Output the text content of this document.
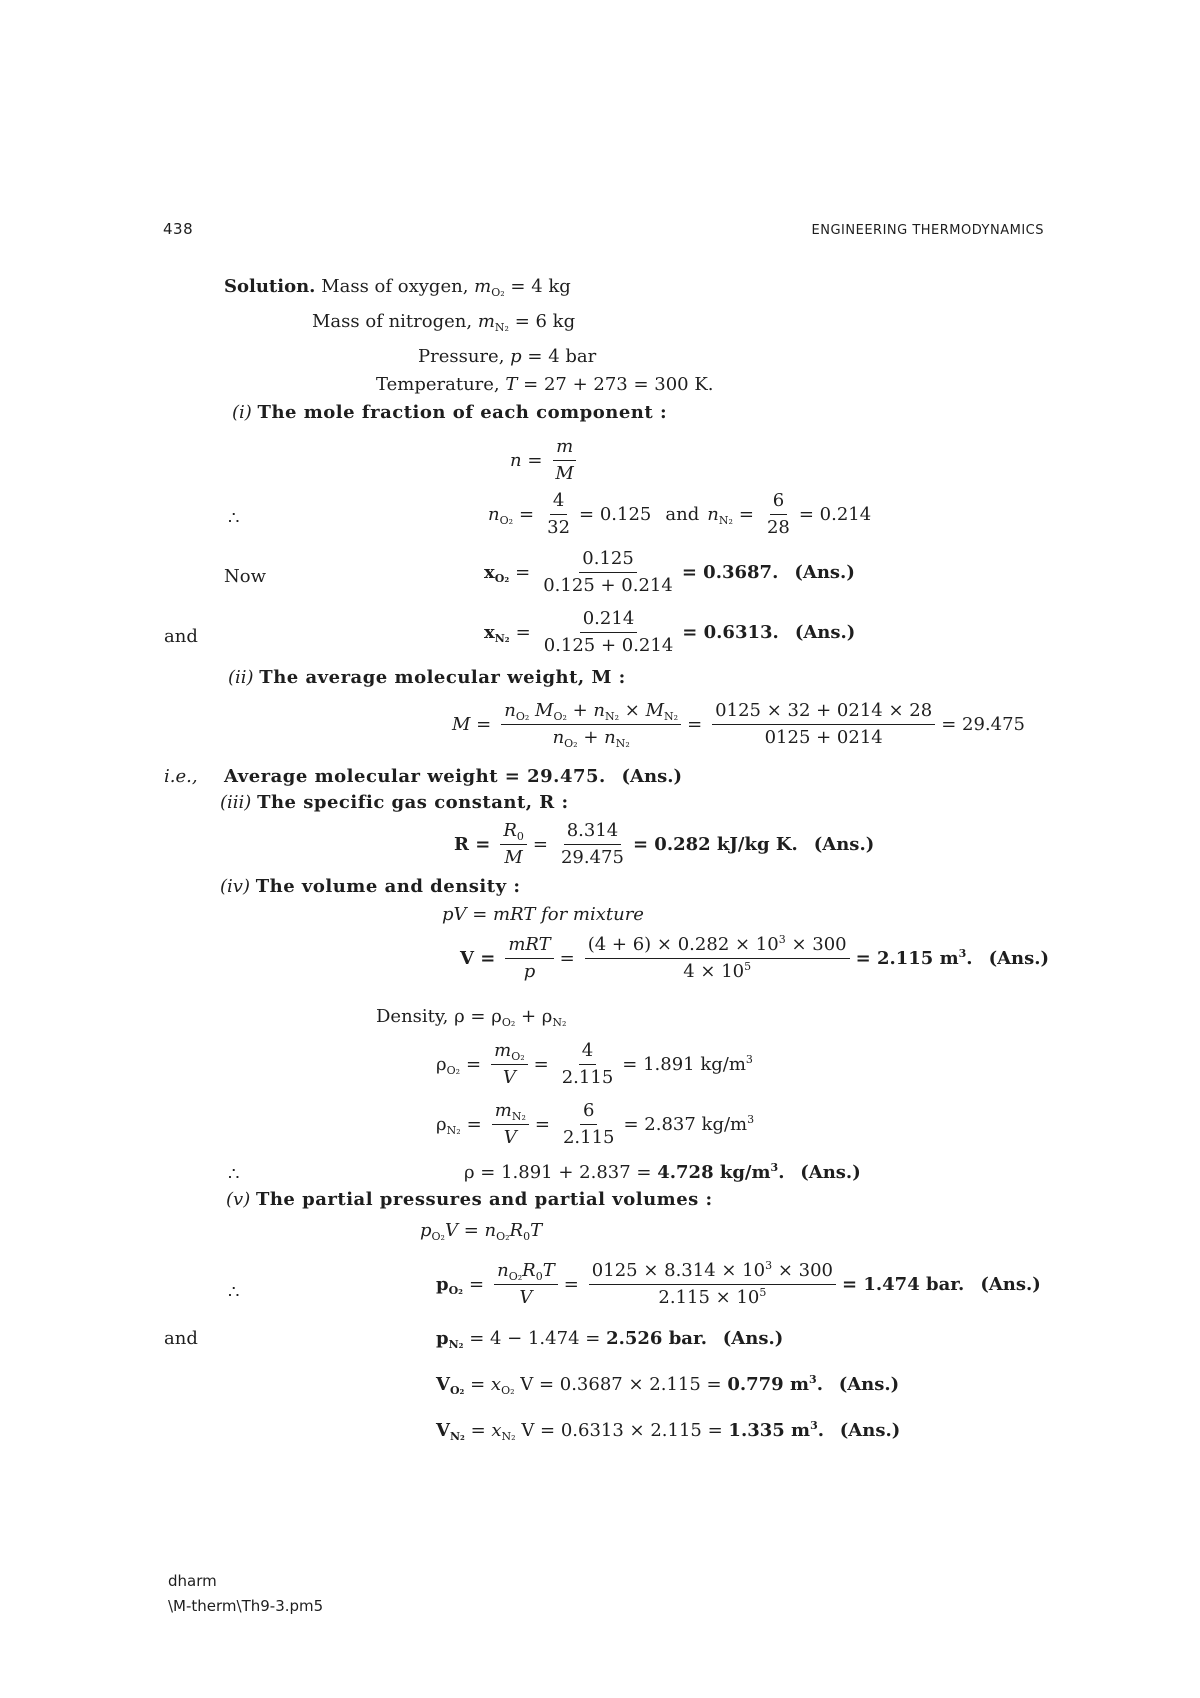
438	ENGINEERING THERMODYNAMICS
Solution. Mass of oxygen, $m_{O_2} = 4$ kg
Mass of nitrogen, $m_{N_2} = 6$ kg
Pressure, p = 4 bar
Temperature, T = 27 + 273 = 300 K.
(i) The mole fraction of each component :
$n = \frac{m}{M}$
∴	$n_{O_2} = \frac{4}{32} = 0.125$ and $n_{N_2} = \frac{6}{28} = 0.214$
Now	$x_{O_2} = \frac{0.125}{0.125 + 0.214} = 0.3687$. (Ans.)
and	$x_{N_2} = \frac{0.214}{0.125 + 0.214} = 0.6313$. (Ans.)
(ii) The average molecular weight, M :
$M = \frac{n_{O_2} M_{O_2} + n_{N_2} \times M_{N_2}}{n_{O_2} + n_{N_2}} = \frac{0125 \times 32 + 0214 \times 28}{0125 + 0214} = 29.475$
i.e., Average molecular weight = 29.475. (Ans.)
(iii) The specific gas constant, R :
$R = \frac{R_0}{M} = \frac{8.314}{29.475} = 0.282$ kJ/kg K. (Ans.)
(iv) The volume and density :
pV = mRT for mixture
$V = \frac{\text{mRT}}{p} = \frac{(4 + 6) \times 0.282 \times 10^3 \times 300}{4 \times 10^5} = 2.115$ $m^3$. (Ans.)
Density, $\rho = \rho_{O_2} + \rho_{N_2}$
$\rho_{O_2} = \frac{m_{O_2}}{V} = \frac{4}{2.115} = 1.891$ $kg/m^3$
$\rho_{N_2} = \frac{m_{N_2}}{V} = \frac{6}{2.115} = 2.837$ $kg/m^3$
∴	ρ = 1.891 + 2.837 = 4.728 $kg/m^3$. (Ans.)
(v) The partial pressures and partial volumes :
$p_{O_2}V = n_{O_2}R_0T$
∴	$p_{O_2} = \frac{n_{O_2}R_0T}{V} = \frac{0125 \times 8.314 \times 10^3 \times 300}{2.115 \times 10^5} = 1.474$ bar. (Ans.)
and	$p_{N_2} = 4 - 1.474 = 2.526$ bar. (Ans.)
$V_{O_2} = x_{O_2}$ V = 0.3687 × 2.115 = 0.779 $m^3$. (Ans.)
$V_{N_2} = x_{N_2}$ V = 0.6313 × 2.115 = 1.335 $m^3$. (Ans.)
dharm
\M-therm\Th9-3.pm5
